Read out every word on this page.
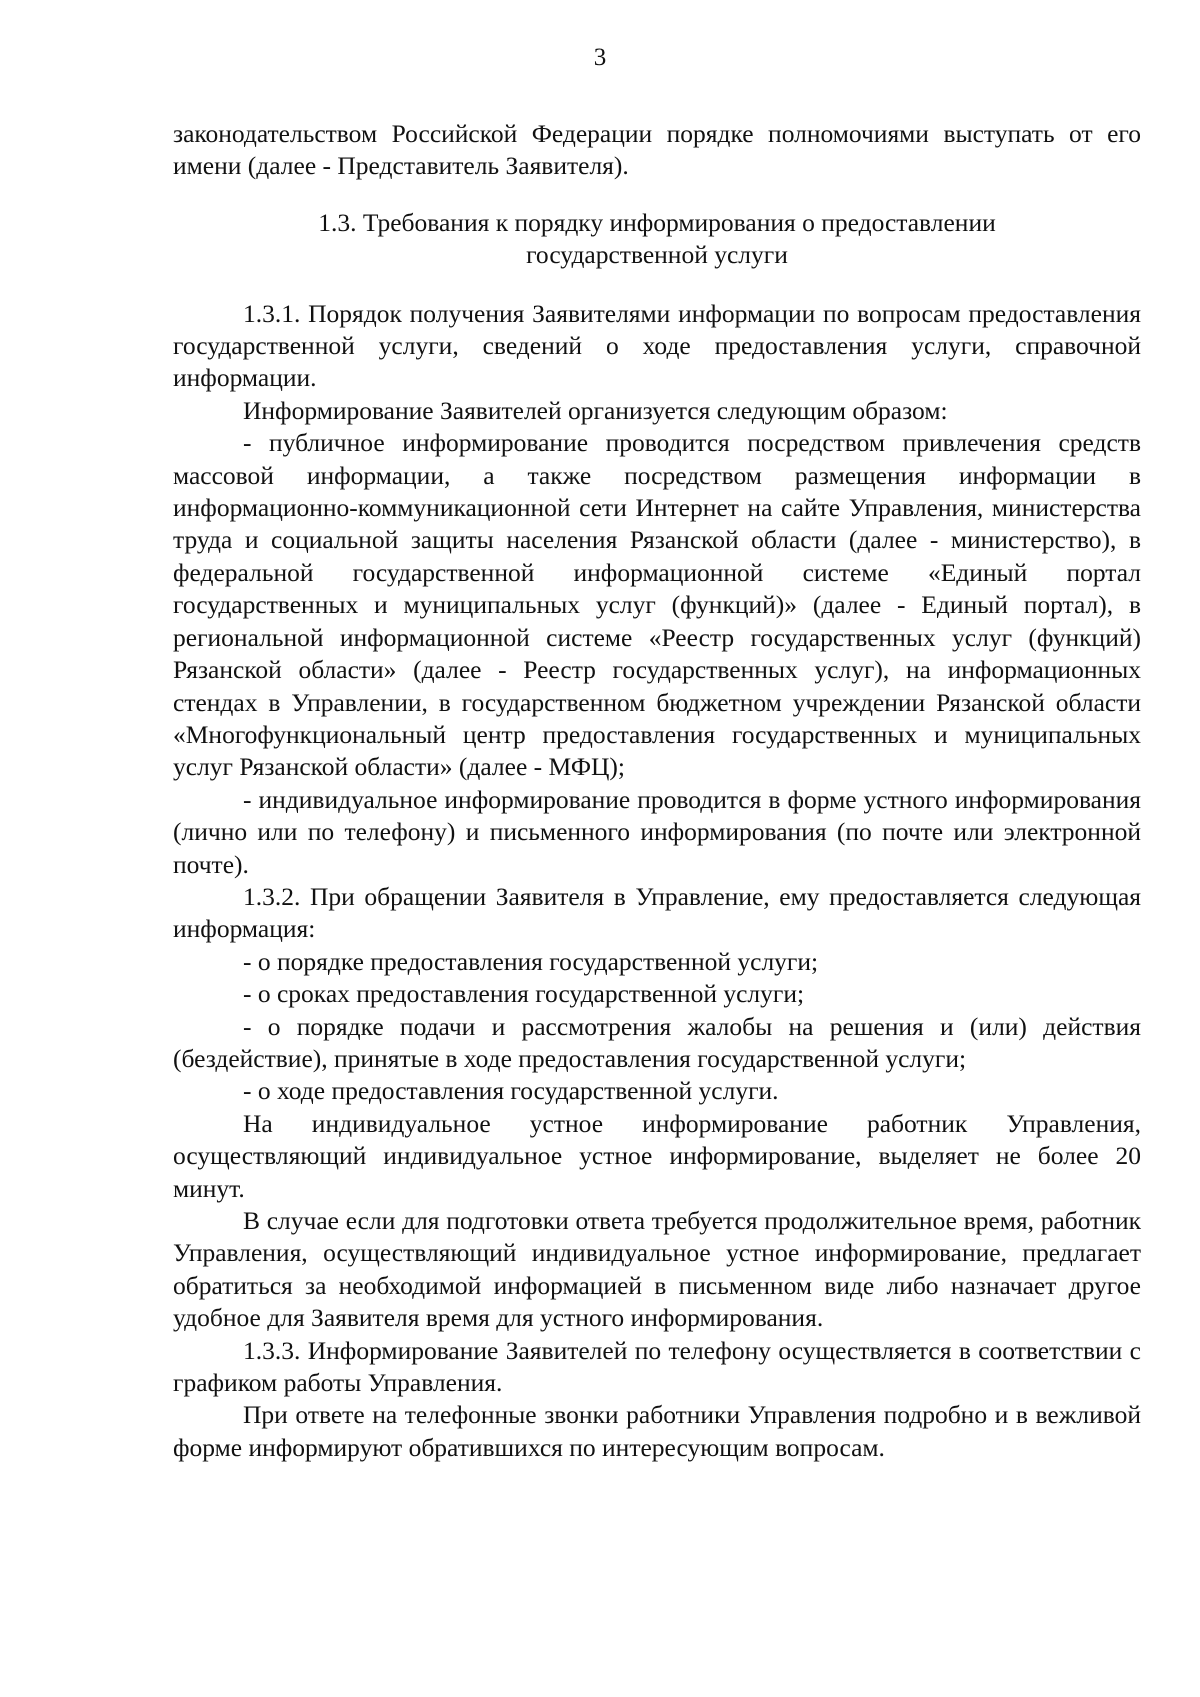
3

законодательством Российской Федерации порядке полномочиями выступать от его имени (далее - Представитель Заявителя).

1.3. Требования к порядку информирования о предоставлении государственной услуги

1.3.1. Порядок получения Заявителями информации по вопросам предоставления государственной услуги, сведений о ходе предоставления услуги, справочной информации.

Информирование Заявителей организуется следующим образом:

- публичное информирование проводится посредством привлечения средств массовой информации, а также посредством размещения информации в информационно-коммуникационной сети Интернет на сайте Управления, министерства труда и социальной защиты населения Рязанской области (далее - министерство), в федеральной государственной информационной системе «Единый портал государственных и муниципальных услуг (функций)» (далее - Единый портал), в региональной информационной системе «Реестр государственных услуг (функций) Рязанской области» (далее - Реестр государственных услуг), на информационных стендах в Управлении, в государственном бюджетном учреждении Рязанской области «Многофункциональный центр предоставления государственных и муниципальных услуг Рязанской области» (далее - МФЦ);

- индивидуальное информирование проводится в форме устного информирования (лично или по телефону) и письменного информирования (по почте или электронной почте).

1.3.2. При обращении Заявителя в Управление, ему предоставляется следующая информация:

- о порядке предоставления государственной услуги;

- о сроках предоставления государственной услуги;

- о порядке подачи и рассмотрения жалобы на решения и (или) действия (бездействие), принятые в ходе предоставления государственной услуги;

- о ходе предоставления государственной услуги.

На индивидуальное устное информирование работник Управления, осуществляющий индивидуальное устное информирование, выделяет не более 20 минут.

В случае если для подготовки ответа требуется продолжительное время, работник Управления, осуществляющий индивидуальное устное информирование, предлагает обратиться за необходимой информацией в письменном виде либо назначает другое удобное для Заявителя время для устного информирования.

1.3.3. Информирование Заявителей по телефону осуществляется в соответствии с графиком работы Управления.

При ответе на телефонные звонки работники Управления подробно и в вежливой форме информируют обратившихся по интересующим вопросам.
